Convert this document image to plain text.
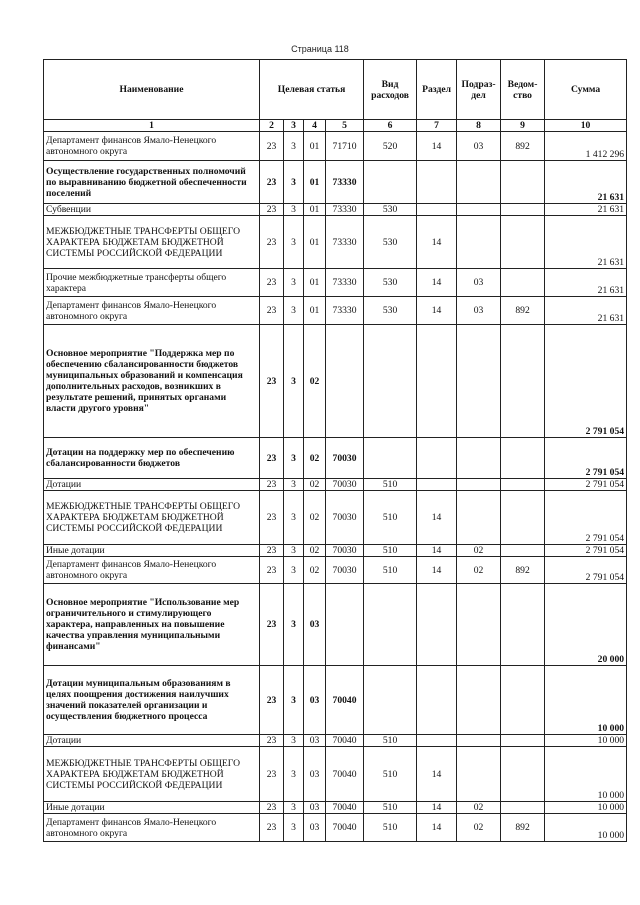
Страница 118
Наименование	Целевая статья				Вид расходов	Раздел	Подраз-дел	Ведом-ство	Сумма
1	2	3	4	5	6	7	8	9	10
Департамент финансов Ямало-Ненецкого автономного округа	23	3	01	71710	520	14	03	892	1 412 296
Осуществление государственных полномочий по выравниванию бюджетной обеспеченности поселений	23	3	01	73330					21 631
Субвенции	23	3	01	73330	530				21 631
МЕЖБЮДЖЕТНЫЕ ТРАНСФЕРТЫ ОБЩЕГО ХАРАКТЕРА БЮДЖЕТАМ БЮДЖЕТНОЙ СИСТЕМЫ РОССИЙСКОЙ ФЕДЕРАЦИИ	23	3	01	73330	530	14			21 631
Прочие межбюджетные трансферты общего характера	23	3	01	73330	530	14	03		21 631
Департамент финансов Ямало-Ненецкого автономного округа	23	3	01	73330	530	14	03	892	21 631
Основное мероприятие "Поддержка мер по обеспечению сбалансированности бюджетов муниципальных образований и компенсация дополнительных расходов, возникших в результате решений, принятых органами власти другого уровня"	23	3	02						2 791 054
Дотации на поддержку мер по обеспечению сбалансированности бюджетов	23	3	02	70030					2 791 054
Дотации	23	3	02	70030	510				2 791 054
МЕЖБЮДЖЕТНЫЕ ТРАНСФЕРТЫ ОБЩЕГО ХАРАКТЕРА БЮДЖЕТАМ БЮДЖЕТНОЙ СИСТЕМЫ РОССИЙСКОЙ ФЕДЕРАЦИИ	23	3	02	70030	510	14			2 791 054
Иные дотации	23	3	02	70030	510	14	02		2 791 054
Департамент финансов Ямало-Ненецкого автономного округа	23	3	02	70030	510	14	02	892	2 791 054
Основное мероприятие "Использование мер ограничительного и стимулирующего характера, направленных на повышение качества управления муниципальными финансами"	23	3	03						20 000
Дотации муниципальным образованиям в целях поощрения достижения наилучших значений показателей организации и осуществления бюджетного процесса	23	3	03	70040					10 000
Дотации	23	3	03	70040	510				10 000
МЕЖБЮДЖЕТНЫЕ ТРАНСФЕРТЫ ОБЩЕГО ХАРАКТЕРА БЮДЖЕТАМ БЮДЖЕТНОЙ СИСТЕМЫ РОССИЙСКОЙ ФЕДЕРАЦИИ	23	3	03	70040	510	14			10 000
Иные дотации	23	3	03	70040	510	14	02		10 000
Департамент финансов Ямало-Ненецкого автономного округа	23	3	03	70040	510	14	02	892	10 000
